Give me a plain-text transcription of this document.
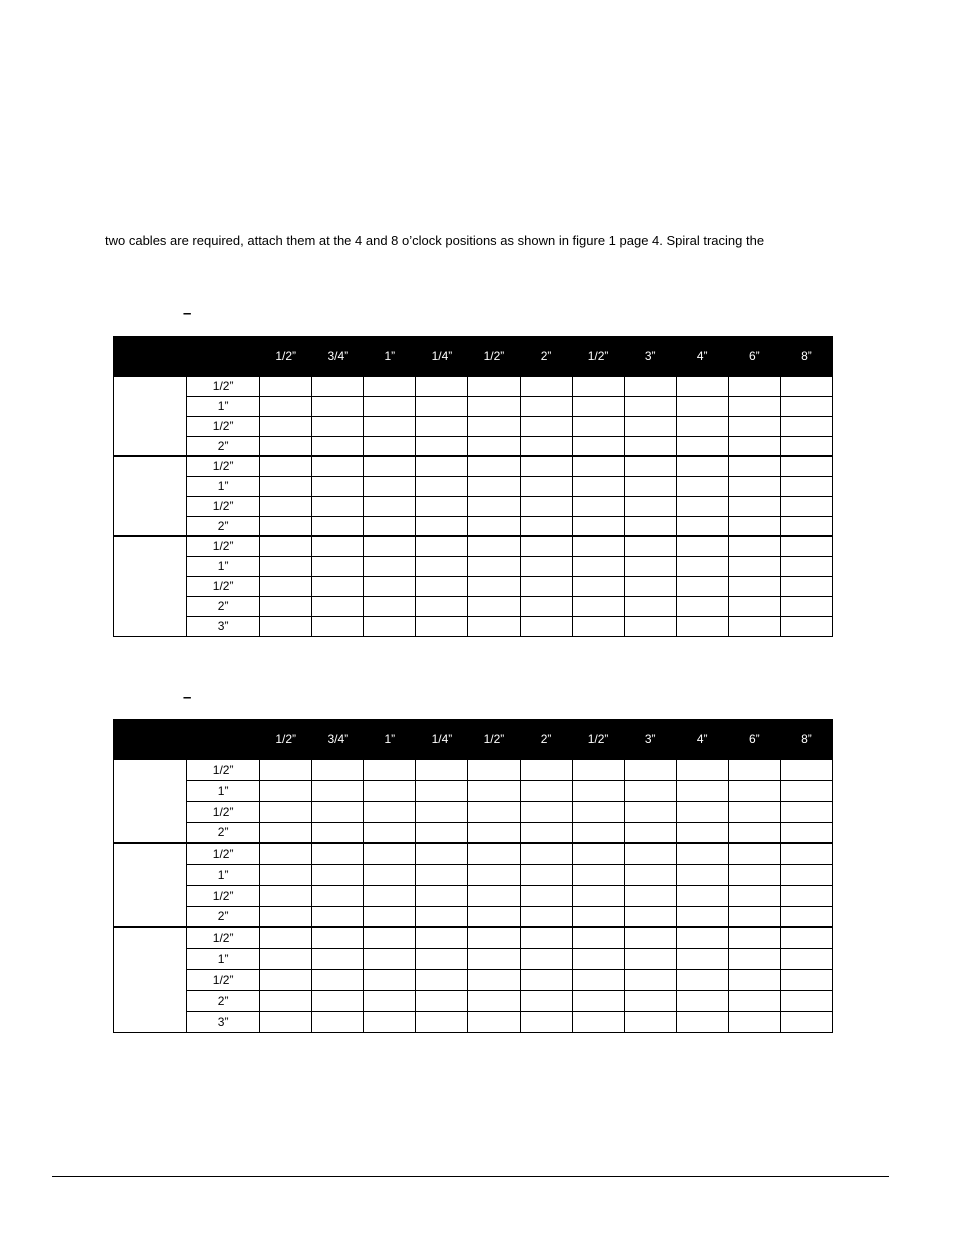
two cables are required, attach them at the 4 and 8 o’clock positions as shown in figure 1 page 4. Spiral tracing the
–
		1/2”	3/4”	1”	1/4”	1/2”	2”	1/2”	3”	4”	6”	8”
	1/2”											
	1”											
	1/2”											
	2”											
	1/2”											
	1”											
	1/2”											
	2”											
	1/2”											
	1”											
	1/2”											
	2”											
	3”											
–
		1/2”	3/4”	1”	1/4”	1/2”	2”	1/2”	3”	4”	6”	8”
	1/2”											
	1”											
	1/2”											
	2”											
	1/2”											
	1”											
	1/2”											
	2”											
	1/2”											
	1”											
	1/2”											
	2”											
	3”											
